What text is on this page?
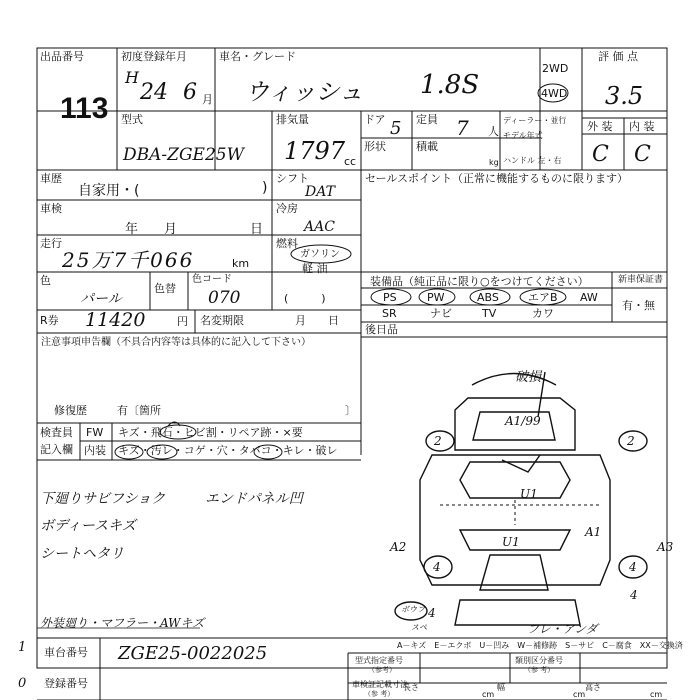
出品番号
113
初度登録年月
H
24 6 月
車名・グレード
ウィッシュ 1.8S
2WD
4WD
評 価 点
3.5
外 装 内 装
C C
型式
DBA-ZGE25W
排気量
1797
cc
ドア 5 定員 7 人
ディーラー・並行
モデル年式
形状	積載
kg ハンドル 左・右
車歴
自家用・(	)
シフト
DAT
車検
年　　月	日
冷房
AAC
走行
25万7千066	km
燃料
ガソリン
軽 油
(　　　)
色
パール
色替
色コード
070
R券 11420	円 名変期限	月　　日
セールスポイント（正常に機能するものに限ります）
装備品（純正品に限り○をつけてください）
PS	PW	ABS	エアB AW
SR	ナビ	TV	カワ
新車保証書
有・無
後日品
注意事項申告欄（不具合内容等は具体的に記入して下さい）
修復歴	有〔箇所	〕
検査員
記入欄
FW
内装
キズ・飛石・ヒビ割・リペア跡・×要
キズ・汚レ・コゲ・穴・タバコ・キレ・破レ
下廻りサビフショク
ボディースキズ
シートヘタリ
エンドパネル凹
外装廻り・マフラー・AWキズ
1
0
破損
A1/99
U1
U1
A1
A2	A3
2	2
4	4
4
4
ボウフ
スペ	フレ・アンダ
A－キズ　E－エクボ　U－凹み　W－補修跡　S－サビ　C－腐食　XX－交換済
車台番号 ZGE25-0022025
登録番号
型式指定番号
（参考）
類別区分番号
（参 考）
車検証記載寸法
（参 考）
長さ
cm
幅
cm
高さ
cm
